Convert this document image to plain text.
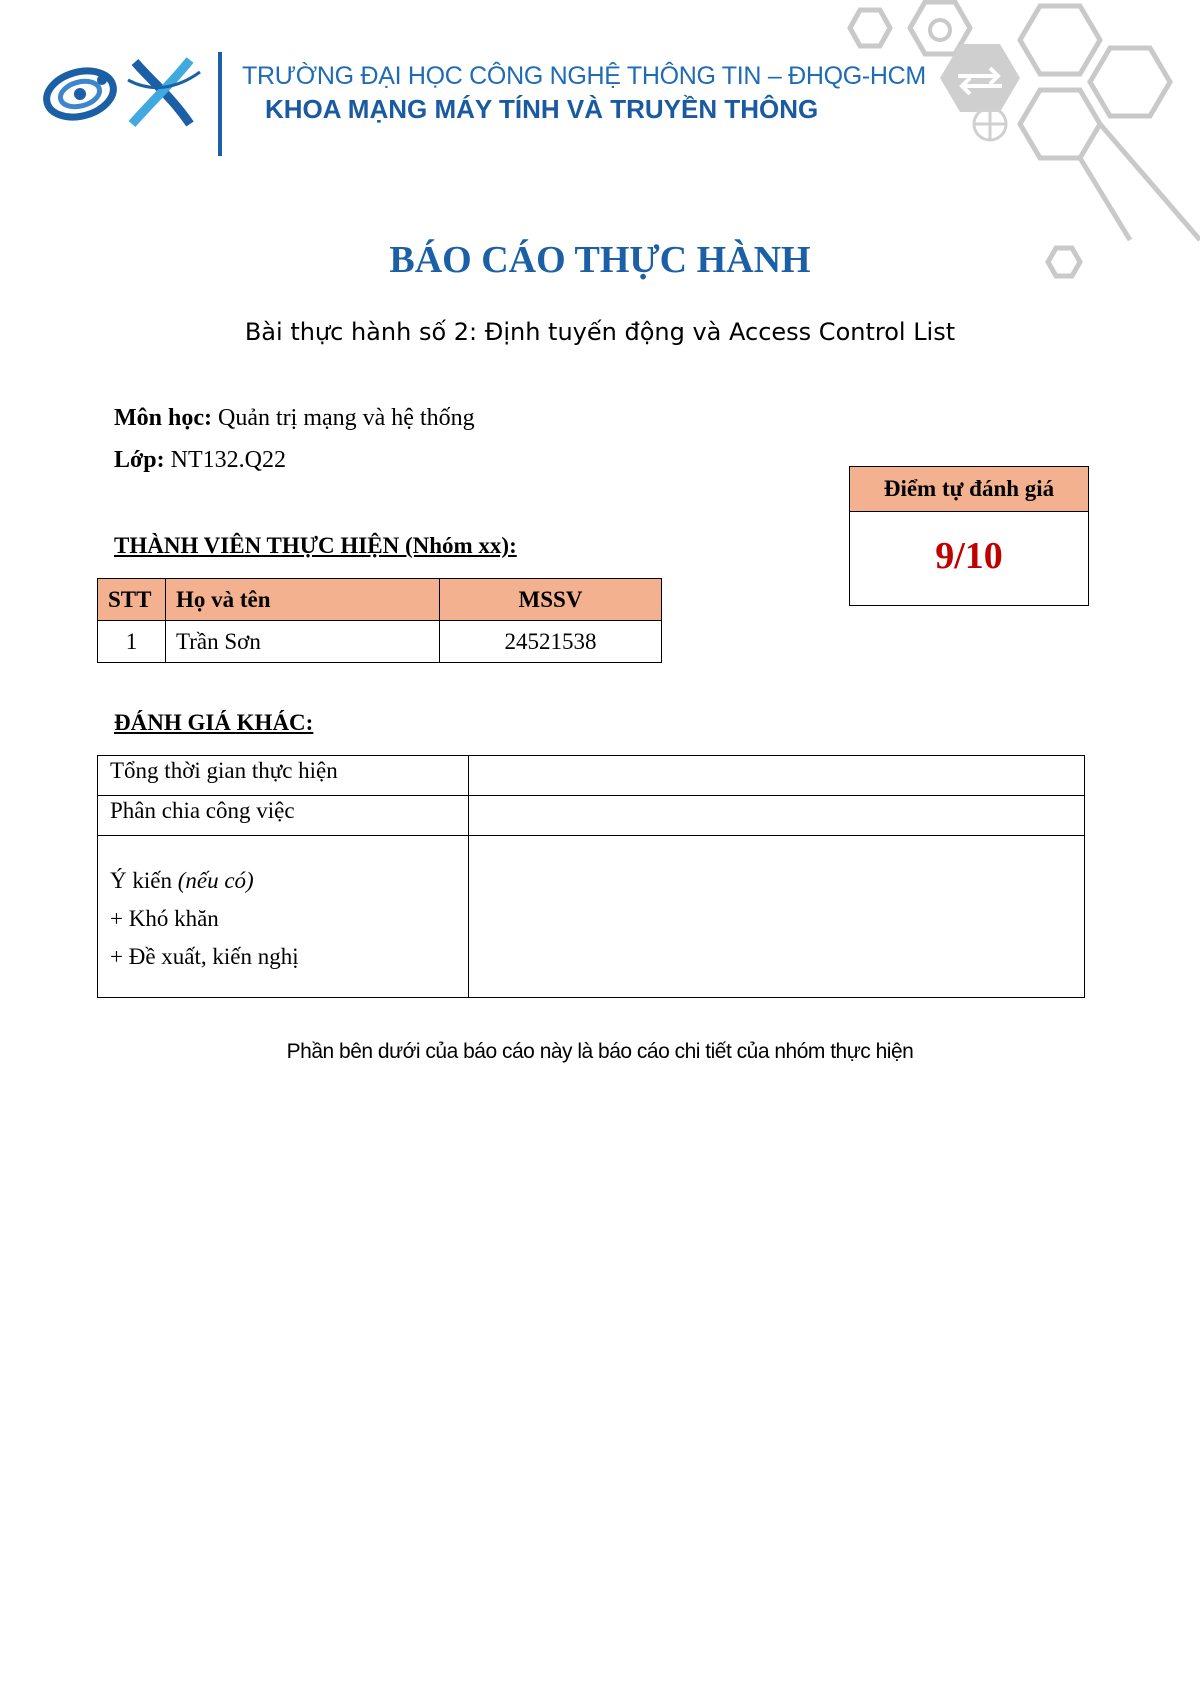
TRƯỜNG ĐẠI HỌC CÔNG NGHỆ THÔNG TIN – ĐHQG-HCM
KHOA MẠNG MÁY TÍNH VÀ TRUYỀN THÔNG
BÁO CÁO THỰC HÀNH
Bài thực hành số 2: Định tuyến động và Access Control List
Môn học: Quản trị mạng và hệ thống
Lớp: NT132.Q22
Điểm tự đánh giá
9/10
THÀNH VIÊN THỰC HIỆN (Nhóm xx):
STT	Họ và tên	MSSV
1	Trần Sơn	24521538
ĐÁNH GIÁ KHÁC:
Tổng thời gian thực hiện	
Phân chia công việc	

Ý kiến (nếu có)
+ Khó khăn
+ Đề xuất, kiến nghị	

Phần bên dưới của báo cáo này là báo cáo chi tiết của nhóm thực hiện
